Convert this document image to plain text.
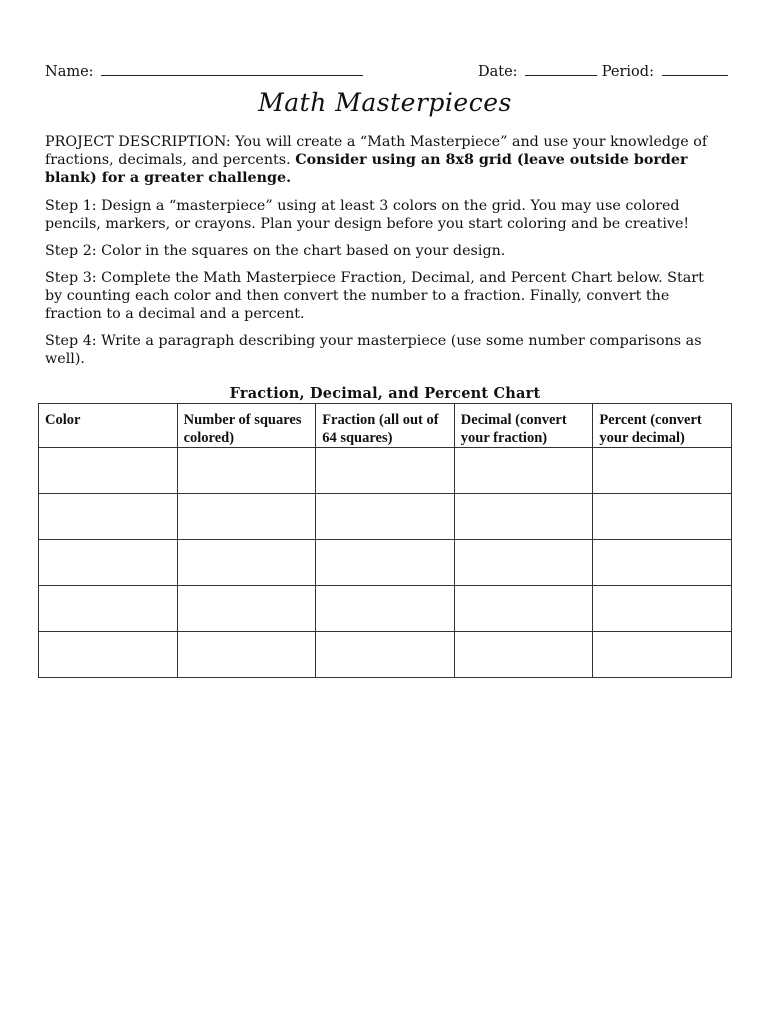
Name:	Date:	Period:
Math Masterpieces

PROJECT DESCRIPTION: You will create a “Math Masterpiece” and use your knowledge of fractions, decimals, and percents. Consider using an 8x8 grid (leave outside border blank) for a greater challenge.

Step 1: Design a “masterpiece” using at least 3 colors on the grid. You may use colored pencils, markers, or crayons. Plan your design before you start coloring and be creative!

Step 2: Color in the squares on the chart based on your design.

Step 3: Complete the Math Masterpiece Fraction, Decimal, and Percent Chart below. Start by counting each color and then convert the number to a fraction. Finally, convert the fraction to a decimal and a percent.

Step 4: Write a paragraph describing your masterpiece (use some number comparisons as well).

Fraction, Decimal, and Percent Chart
Color	Number of squares colored)	Fraction (all out of 64 squares)	Decimal (convert your fraction)	Percent (convert your decimal)
